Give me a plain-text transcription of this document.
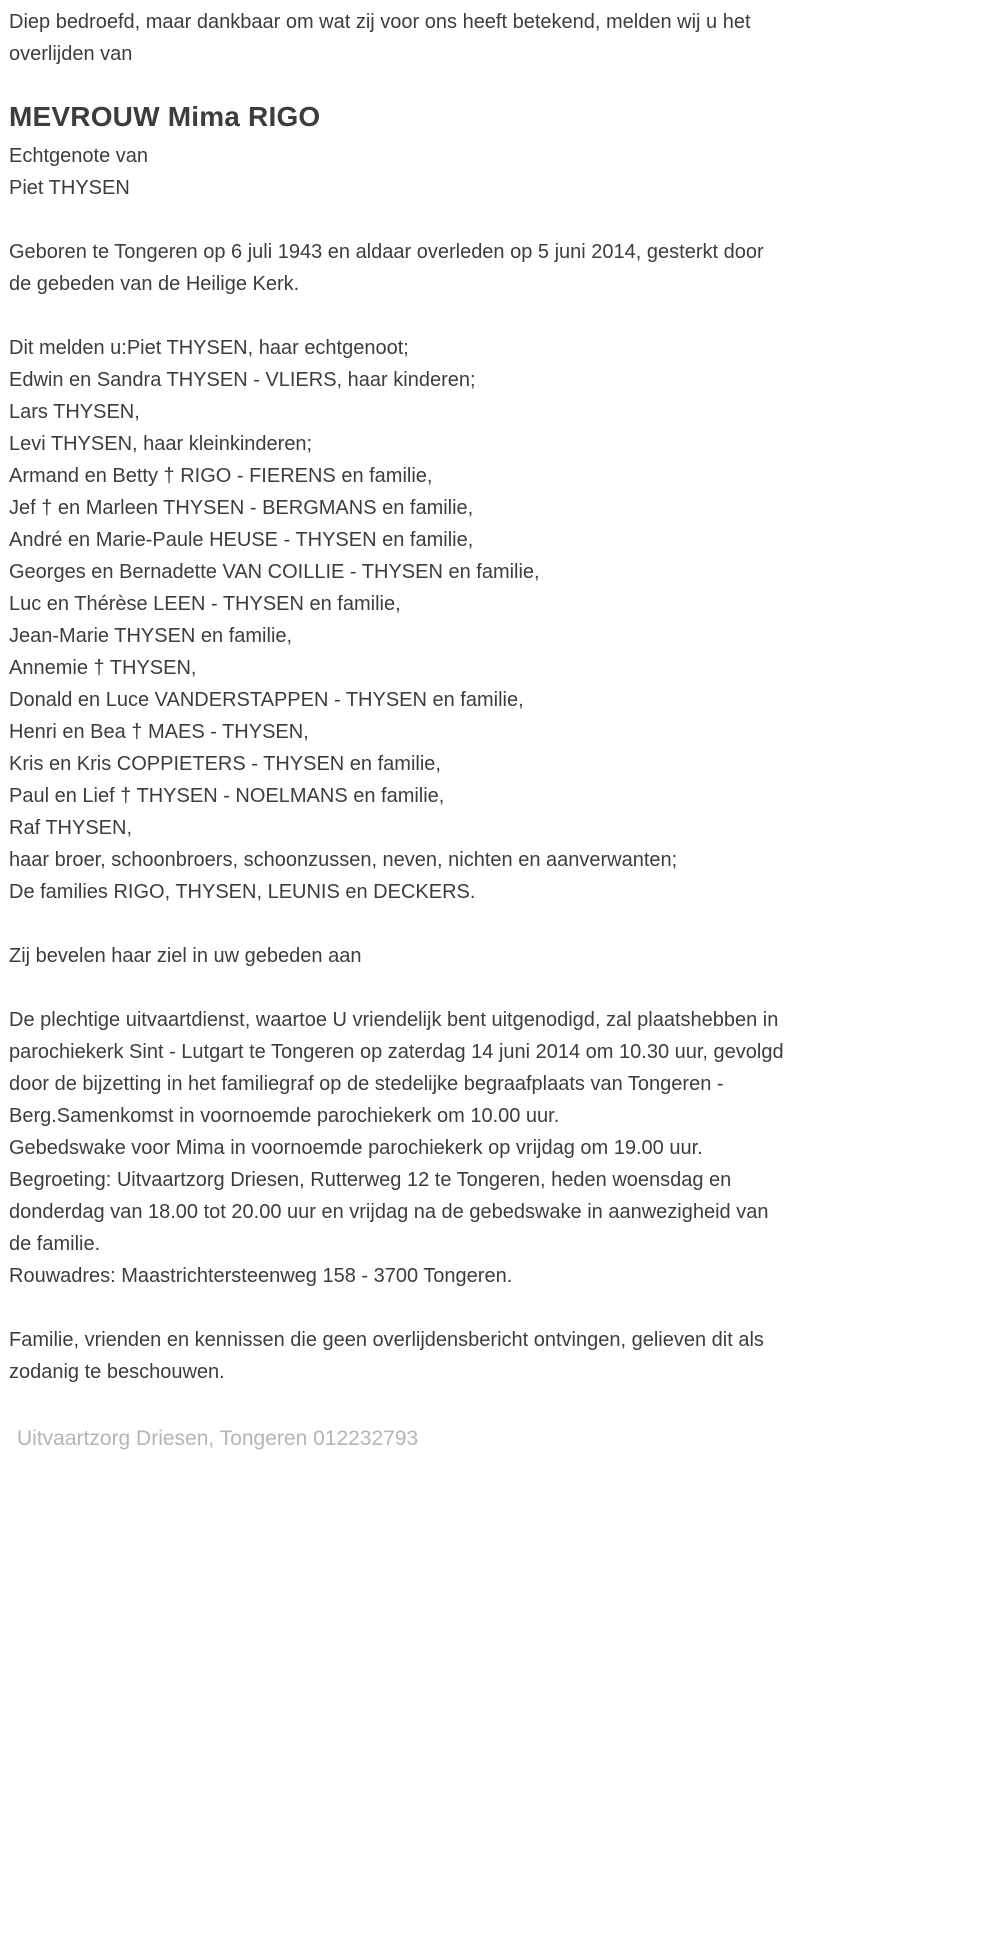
Diep bedroefd, maar dankbaar om wat zij voor ons heeft betekend, melden wij u het overlijden van

MEVROUW Mima RIGO
Echtgenote van
Piet THYSEN

Geboren te Tongeren op 6 juli 1943 en aldaar overleden op 5 juni 2014, gesterkt door de gebeden van de Heilige Kerk.

Dit melden u:Piet THYSEN, haar echtgenoot;
Edwin en Sandra THYSEN - VLIERS, haar kinderen;
Lars THYSEN,
Levi THYSEN, haar kleinkinderen;
Armand en Betty † RIGO - FIERENS en familie,
Jef † en Marleen THYSEN - BERGMANS en familie,
André en Marie-Paule HEUSE - THYSEN en familie,
Georges en Bernadette VAN COILLIE - THYSEN en familie,
Luc en Thérèse LEEN - THYSEN en familie,
Jean-Marie THYSEN en familie,
Annemie † THYSEN,
Donald en Luce VANDERSTAPPEN - THYSEN en familie,
Henri en Bea † MAES - THYSEN,
Kris en Kris COPPIETERS - THYSEN en familie,
Paul en Lief † THYSEN - NOELMANS en familie,
Raf THYSEN,
haar broer, schoonbroers, schoonzussen, neven, nichten en aanverwanten;
De families RIGO, THYSEN, LEUNIS en DECKERS.

Zij bevelen haar ziel in uw gebeden aan

De plechtige uitvaartdienst, waartoe U vriendelijk bent uitgenodigd, zal plaatshebben in parochiekerk Sint - Lutgart te Tongeren op zaterdag 14 juni 2014 om 10.30 uur, gevolgd door de bijzetting in het familiegraf op de stedelijke begraafplaats van Tongeren - Berg.Samenkomst in voornoemde parochiekerk om 10.00 uur.

Gebedswake voor Mima in voornoemde parochiekerk op vrijdag om 19.00 uur.

Begroeting: Uitvaartzorg Driesen, Rutterweg 12 te Tongeren, heden woensdag en donderdag van 18.00 tot 20.00 uur en vrijdag na de gebedswake in aanwezigheid van de familie.

Rouwadres: Maastrichtersteenweg 158 - 3700 Tongeren.

Familie, vrienden en kennissen die geen overlijdensbericht ontvingen, gelieven dit als zodanig te beschouwen.

Uitvaartzorg Driesen, Tongeren 012232793
